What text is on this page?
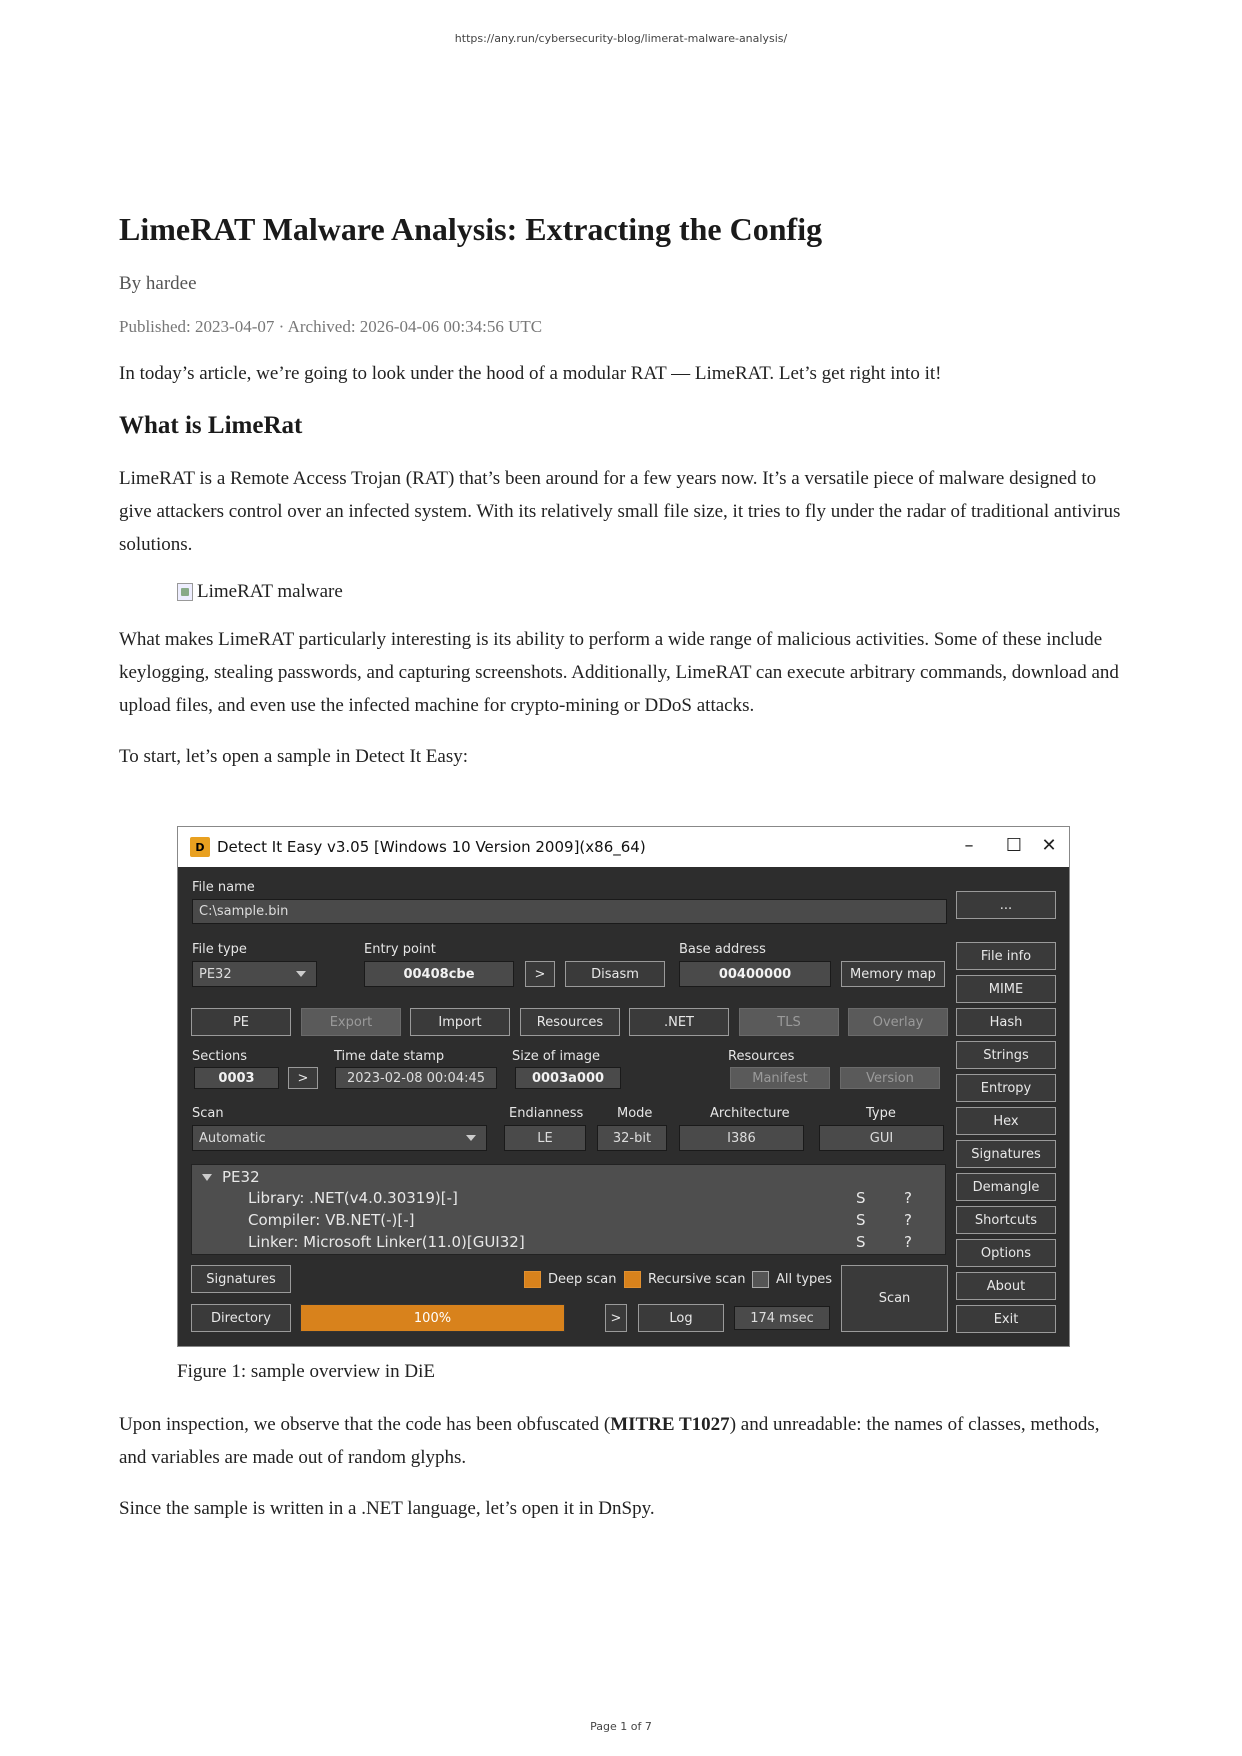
https://any.run/cybersecurity-blog/limerat-malware-analysis/
LimeRAT Malware Analysis: Extracting the Config
By hardee
Published: 2023-04-07 · Archived: 2026-04-06 00:34:56 UTC

In today’s article, we’re going to look under the hood of a modular RAT — LimeRAT. Let’s get right into it!

What is LimeRat

LimeRAT is a Remote Access Trojan (RAT) that’s been around for a few years now. It’s a versatile piece of malware designed to give attackers control over an infected system. With its relatively small file size, it tries to fly under the radar of traditional antivirus solutions.

LimeRAT malware

What makes LimeRAT particularly interesting is its ability to perform a wide range of malicious activities. Some of these include keylogging, stealing passwords, and capturing screenshots. Additionally, LimeRAT can execute arbitrary commands, download and upload files, and even use the infected machine for crypto-mining or DDoS attacks.

To start, let’s open a sample in Detect It Easy:

D Detect It Easy v3.05 [Windows 10 Version 2009](x86_64)	–	☐	✕
File name
C:\sample.bin	...
File type
PE32
Entry point
00408cbe	>	Disasm
Base address
00400000	Memory map
File info
MIME
PE	Export	Import	Resources	.NET	TLS	Overlay	Hash
Sections
0003	>
Time date stamp
2023-02-08 00:04:45
Size of image
0003a000
Resources
Manifest	Version
Strings
Entropy
Scan
Automatic
Endianness
LE
Mode
32-bit
Architecture
I386
Type
GUI
Hex
Signatures
PE32
Library: .NET(v4.0.30319)[-]	S	?
Compiler: VB.NET(-)[-]	S	?
Linker: Microsoft Linker(11.0)[GUI32]	S	?
Demangle
Shortcuts
Signatures	Deep scan Recursive scan All types
Scan
Options
About
Directory	100%	>	Log	174 msec	Exit
Figure 1: sample overview in DiE

Upon inspection, we observe that the code has been obfuscated (MITRE T1027) and unreadable: the names of classes, methods, and variables are made out of random glyphs.

Since the sample is written in a .NET language, let’s open it in DnSpy.

Page 1 of 7
